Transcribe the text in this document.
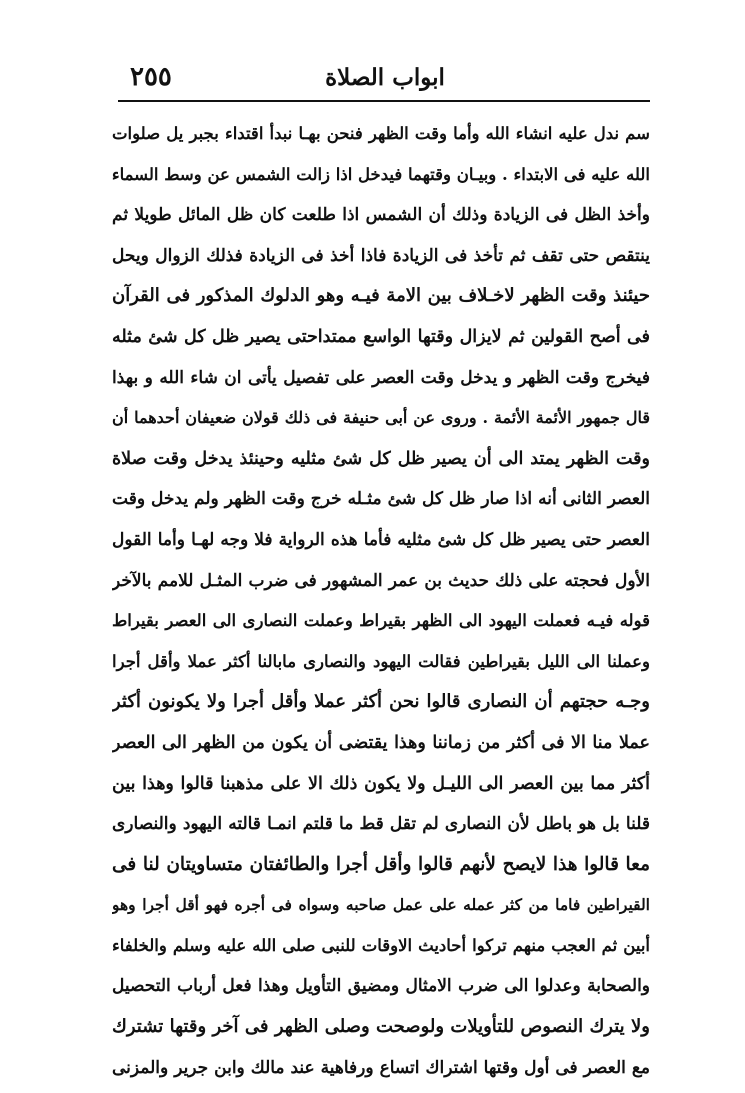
ابواب الصلاة
٢٥٥
سم ندل عليه انشاء الله وأما وقت الظهر فنحن بهـا نبدأ اقتداء بجبر يل صلوات
الله عليه فى الابتداء . وبيـان وقتهما فيدخل اذا زالت الشمس عن وسط السماء
وأخذ الظل فى الزيادة وذلك أن الشمس اذا طلعت كان ظل المائل طويلا ثم
ينتقص حتى تقف ثم تأخذ فى الزيادة فاذا أخذ فى الزيادة فذلك الزوال ويحل
حيئنذ وقت الظهر لاخـلاف بين الامة فيـه وهو الدلوك المذكور فى القرآن
فى أصح القولين ثم لايزال وقتها الواسع ممتداحتى يصير ظل كل شئ مثله
فيخرج وقت الظهر و يدخل وقت العصر على تفصيل يأتى ان شاء الله و بهذا
قال جمهور الأئمة الأئمة . وروى عن أبى حنيفة فى ذلك قولان ضعيفان أحدهما أن
وقت الظهر يمتد الى أن يصير ظل كل شئ مثليه وحينئذ يدخل وقت صلاة
العصر الثانى أنه اذا صار ظل كل شئ مثـله خرج وقت الظهر ولم يدخل وقت
العصر حتى يصير ظل كل شئ مثليه فأما هذه الرواية فلا وجه لهـا وأما القول
الأول فحجته على ذلك حديث بن عمر المشهور فى ضرب المثـل للامم بالآخر
قوله فيـه فعملت اليهود الى الظهر بقيراط وعملت النصارى الى العصر بقيراط
وعملنا الى الليل بقيراطين فقالت اليهود والنصارى مابالنا أكثر عملا وأقل أجرا
وجـه حجتهم أن النصارى قالوا نحن أكثر عملا وأقل أجرا ولا يكونون أكثر
عملا منا الا فى أكثر من زماننا وهذا يقتضى أن يكون من الظهر الى العصر
أكثر مما بين العصر الى الليـل ولا يكون ذلك الا على مذهبنا قالوا وهذا بين
قلنا بل هو باطل لأن النصارى لم تقل قط ما قلتم انمـا قالته اليهود والنصارى
معا قالوا هذا لايصح لأنهم قالوا وأقل أجرا والطائفتان متساويتان لنا فى
القيراطين فاما من كثر عمله على عمل صاحبه وسواه فى أجره فهو أقل أجرا وهو
أبين ثم العجب منهم تركوا أحاديث الاوقات للنبى صلى الله عليه وسلم والخلفاء
والصحابة وعدلوا الى ضرب الامثال ومضيق التأويل وهذا فعل أرباب التحصيل
ولا يترك النصوص للتأويلات ولوصحت وصلى الظهر فى آخر وقتها تشترك
مع العصر فى أول وقتها اشتراك اتساع ورفاهية عند مالك وابن جرير والمزنى
